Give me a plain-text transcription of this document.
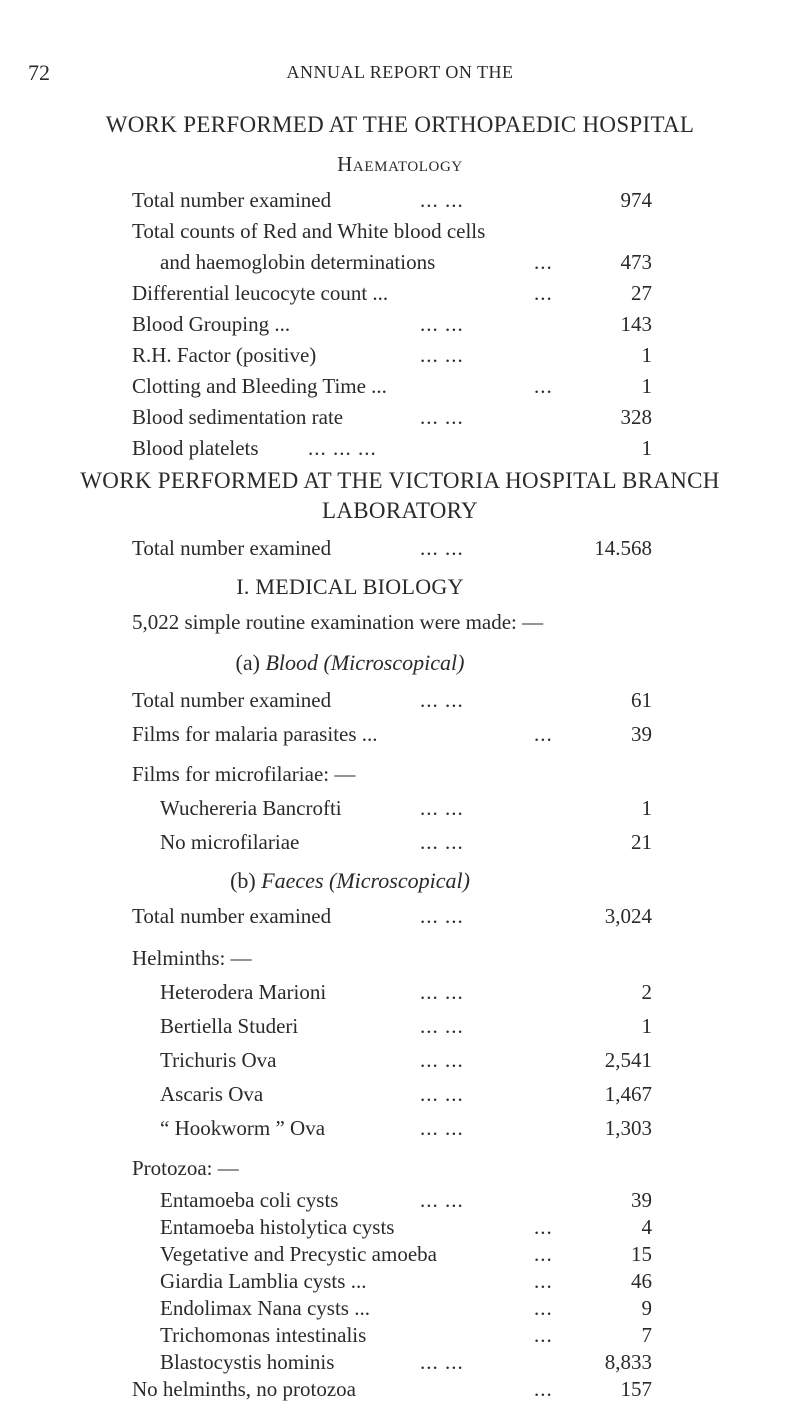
72	ANNUAL REPORT ON THE
WORK PERFORMED AT THE ORTHOPAEDIC HOSPITAL
Haematology
Total number examined	... ...	974
Total counts of Red and White blood cells
and haemoglobin determinations	...	473
Differential leucocyte count ...	...	27
Blood Grouping ...	... ...	143
R.H. Factor (positive)	... ...	1
Clotting and Bleeding Time ...	...	1
Blood sedimentation rate	... ...	328
Blood platelets ... ... ...	1
WORK PERFORMED AT THE VICTORIA HOSPITAL BRANCH
LABORATORY
Total number examined	... ...	14.568
I. MEDICAL BIOLOGY
5,022 simple routine examination were made: —
(a) Blood (Microscopical)
Total number examined	... ...	61
Films for malaria parasites ...	...	39
Films for microfilariae: —
Wuchereria Bancrofti	... ...	1
No microfilariae	... ...	21
(b) Faeces (Microscopical)
Total number examined	... ...	3,024
Helminths: —
Heterodera Marioni	... ...	2
Bertiella Studeri	... ...	1
Trichuris Ova	... ...	2,541
Ascaris Ova	... ...	1,467
“ Hookworm ” Ova	... ...	1,303
Protozoa: —
Entamoeba coli cysts	... ...	39
Entamoeba histolytica cysts	...	4
Vegetative and Precystic amoeba	...	15
Giardia Lamblia cysts ...	...	46
Endolimax Nana cysts ...	...	9
Trichomonas intestinalis	...	7
Blastocystis hominis	... ...	8,833
No helminths, no protozoa	...	157
